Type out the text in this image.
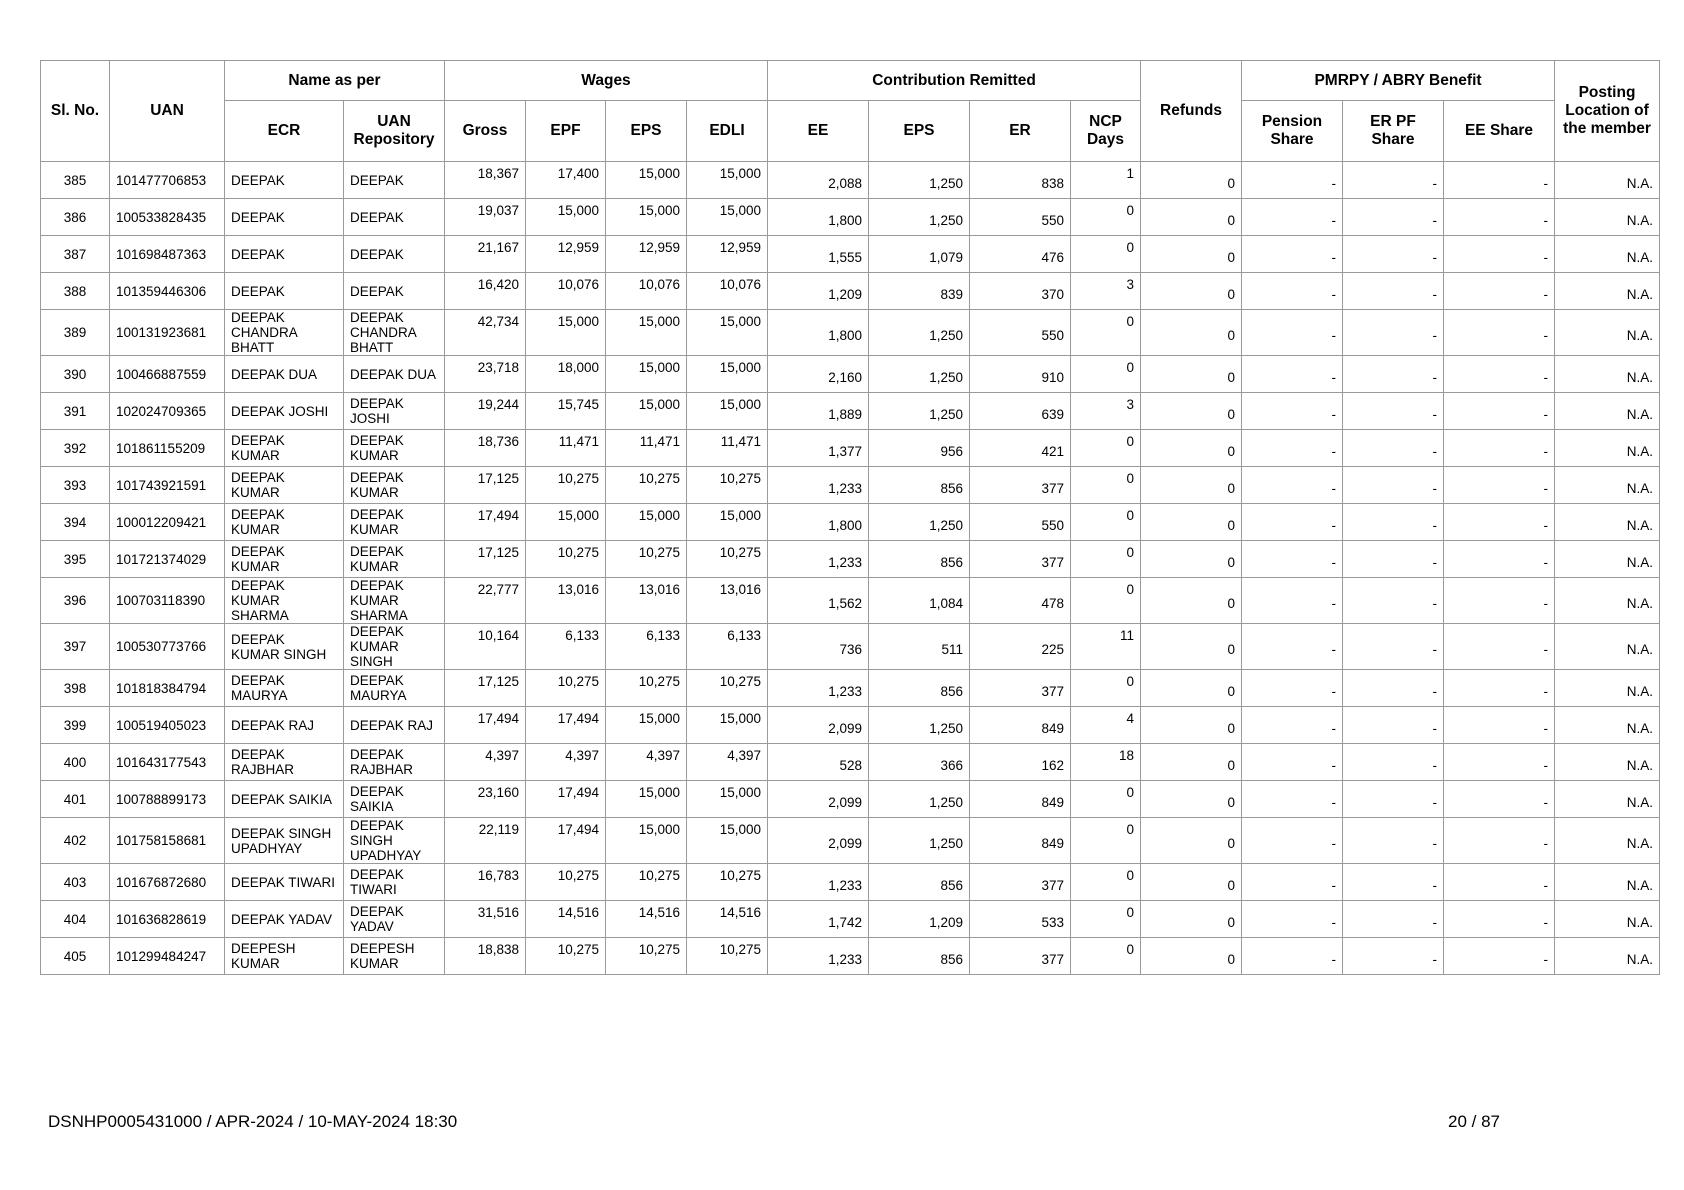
Sl. No.	UAN	Name as per		Wages				Contribution Remitted				Refunds	PMRPY / ABRY Benefit			Posting Location of the member
		ECR	UAN Repository	Gross	EPF	EPS	EDLI	EE	EPS	ER	NCP Days		Pension Share	ER PF Share	EE Share	
385	101477706853	DEEPAK	DEEPAK	18,367	17,400	15,000	15,000	2,088	1,250	838	1	0	-	-	-	N.A.
386	100533828435	DEEPAK	DEEPAK	19,037	15,000	15,000	15,000	1,800	1,250	550	0	0	-	-	-	N.A.
387	101698487363	DEEPAK	DEEPAK	21,167	12,959	12,959	12,959	1,555	1,079	476	0	0	-	-	-	N.A.
388	101359446306	DEEPAK	DEEPAK	16,420	10,076	10,076	10,076	1,209	839	370	3	0	-	-	-	N.A.
389	100131923681	DEEPAK CHANDRA BHATT	DEEPAK CHANDRA BHATT	42,734	15,000	15,000	15,000	1,800	1,250	550	0	0	-	-	-	N.A.
390	100466887559	DEEPAK DUA	DEEPAK DUA	23,718	18,000	15,000	15,000	2,160	1,250	910	0	0	-	-	-	N.A.
391	102024709365	DEEPAK JOSHI	DEEPAK JOSHI	19,244	15,745	15,000	15,000	1,889	1,250	639	3	0	-	-	-	N.A.
392	101861155209	DEEPAK KUMAR	DEEPAK KUMAR	18,736	11,471	11,471	11,471	1,377	956	421	0	0	-	-	-	N.A.
393	101743921591	DEEPAK KUMAR	DEEPAK KUMAR	17,125	10,275	10,275	10,275	1,233	856	377	0	0	-	-	-	N.A.
394	100012209421	DEEPAK KUMAR	DEEPAK KUMAR	17,494	15,000	15,000	15,000	1,800	1,250	550	0	0	-	-	-	N.A.
395	101721374029	DEEPAK KUMAR	DEEPAK KUMAR	17,125	10,275	10,275	10,275	1,233	856	377	0	0	-	-	-	N.A.
396	100703118390	DEEPAK KUMAR SHARMA	DEEPAK KUMAR SHARMA	22,777	13,016	13,016	13,016	1,562	1,084	478	0	0	-	-	-	N.A.
397	100530773766	DEEPAK KUMAR SINGH	DEEPAK KUMAR SINGH	10,164	6,133	6,133	6,133	736	511	225	11	0	-	-	-	N.A.
398	101818384794	DEEPAK MAURYA	DEEPAK MAURYA	17,125	10,275	10,275	10,275	1,233	856	377	0	0	-	-	-	N.A.
399	100519405023	DEEPAK RAJ	DEEPAK RAJ	17,494	17,494	15,000	15,000	2,099	1,250	849	4	0	-	-	-	N.A.
400	101643177543	DEEPAK RAJBHAR	DEEPAK RAJBHAR	4,397	4,397	4,397	4,397	528	366	162	18	0	-	-	-	N.A.
401	100788899173	DEEPAK SAIKIA	DEEPAK SAIKIA	23,160	17,494	15,000	15,000	2,099	1,250	849	0	0	-	-	-	N.A.
402	101758158681	DEEPAK SINGH UPADHYAY	DEEPAK SINGH UPADHYAY	22,119	17,494	15,000	15,000	2,099	1,250	849	0	0	-	-	-	N.A.
403	101676872680	DEEPAK TIWARI	DEEPAK TIWARI	16,783	10,275	10,275	10,275	1,233	856	377	0	0	-	-	-	N.A.
404	101636828619	DEEPAK YADAV	DEEPAK YADAV	31,516	14,516	14,516	14,516	1,742	1,209	533	0	0	-	-	-	N.A.
405	101299484247	DEEPESH KUMAR	DEEPESH KUMAR	18,838	10,275	10,275	10,275	1,233	856	377	0	0	-	-	-	N.A.
DSNHP0005431000 / APR-2024 / 10-MAY-2024 18:30	20 / 87
